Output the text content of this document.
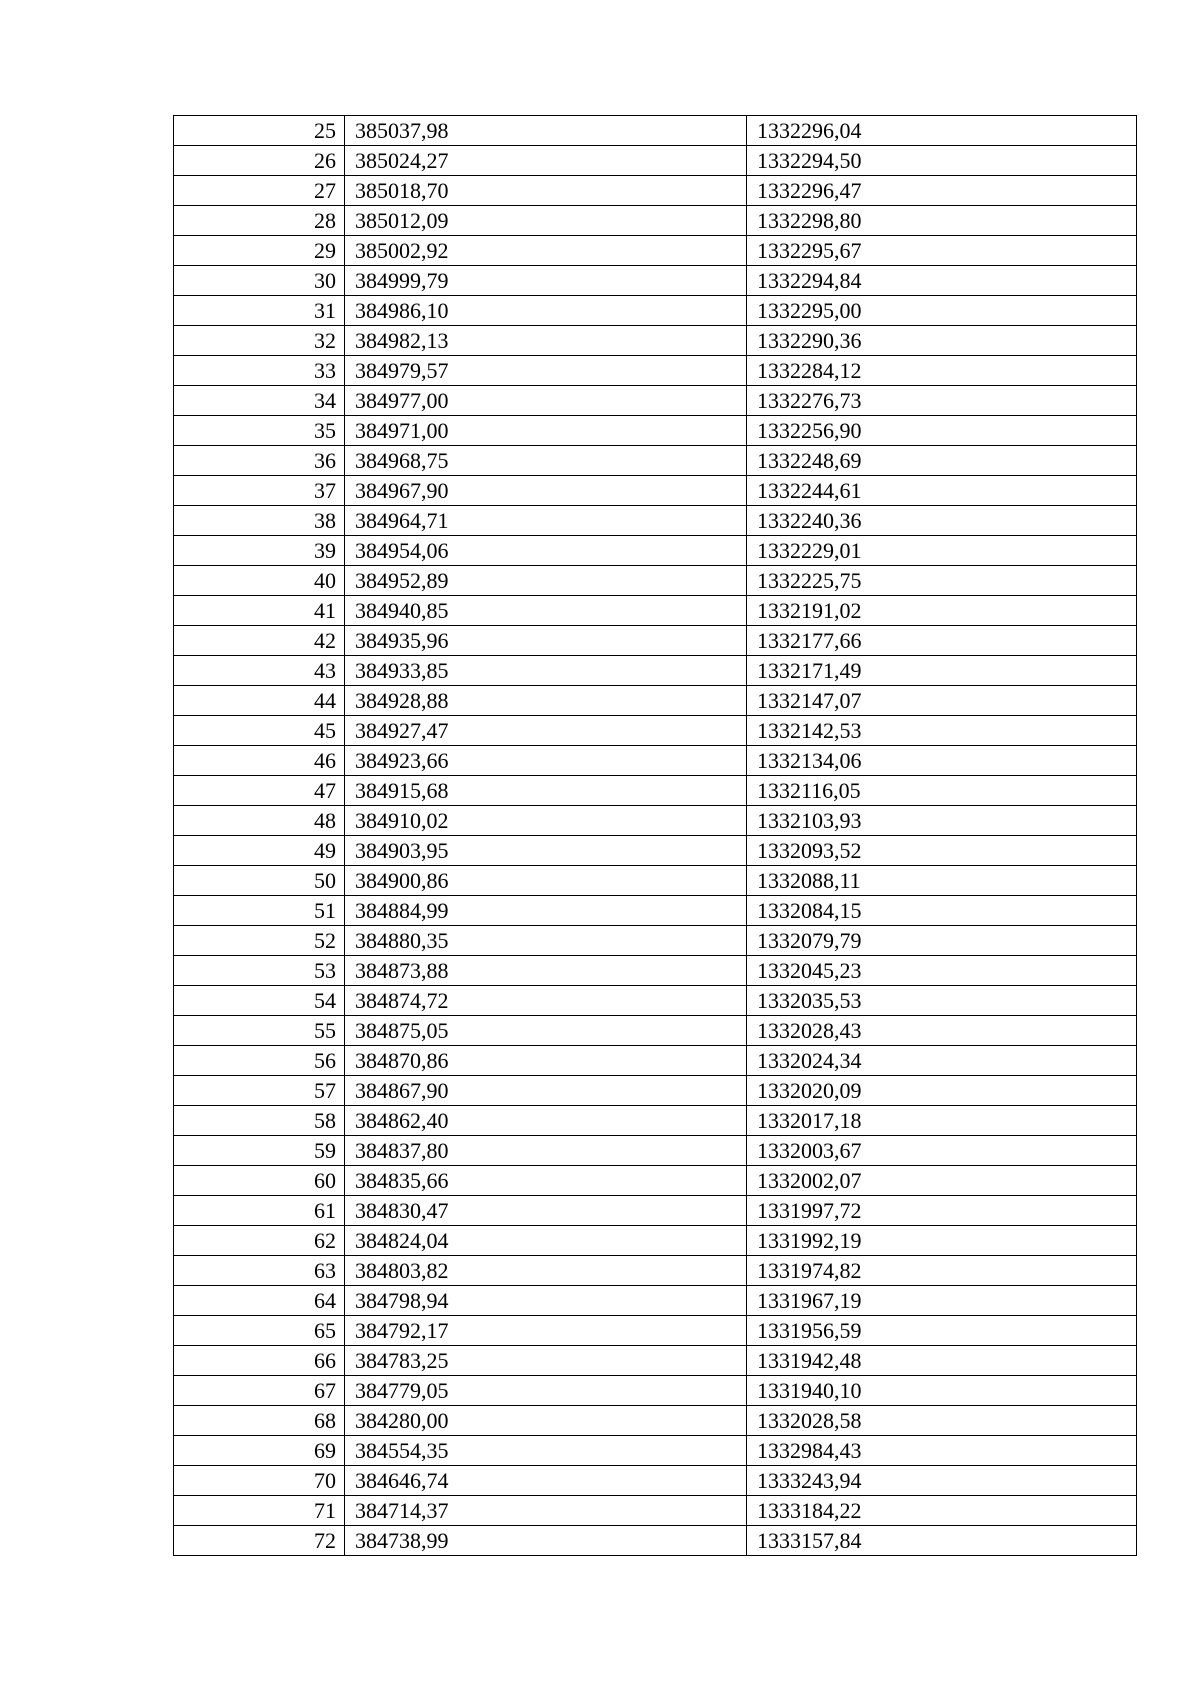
25	385037,98	1332296,04
26	385024,27	1332294,50
27	385018,70	1332296,47
28	385012,09	1332298,80
29	385002,92	1332295,67
30	384999,79	1332294,84
31	384986,10	1332295,00
32	384982,13	1332290,36
33	384979,57	1332284,12
34	384977,00	1332276,73
35	384971,00	1332256,90
36	384968,75	1332248,69
37	384967,90	1332244,61
38	384964,71	1332240,36
39	384954,06	1332229,01
40	384952,89	1332225,75
41	384940,85	1332191,02
42	384935,96	1332177,66
43	384933,85	1332171,49
44	384928,88	1332147,07
45	384927,47	1332142,53
46	384923,66	1332134,06
47	384915,68	1332116,05
48	384910,02	1332103,93
49	384903,95	1332093,52
50	384900,86	1332088,11
51	384884,99	1332084,15
52	384880,35	1332079,79
53	384873,88	1332045,23
54	384874,72	1332035,53
55	384875,05	1332028,43
56	384870,86	1332024,34
57	384867,90	1332020,09
58	384862,40	1332017,18
59	384837,80	1332003,67
60	384835,66	1332002,07
61	384830,47	1331997,72
62	384824,04	1331992,19
63	384803,82	1331974,82
64	384798,94	1331967,19
65	384792,17	1331956,59
66	384783,25	1331942,48
67	384779,05	1331940,10
68	384280,00	1332028,58
69	384554,35	1332984,43
70	384646,74	1333243,94
71	384714,37	1333184,22
72	384738,99	1333157,84
